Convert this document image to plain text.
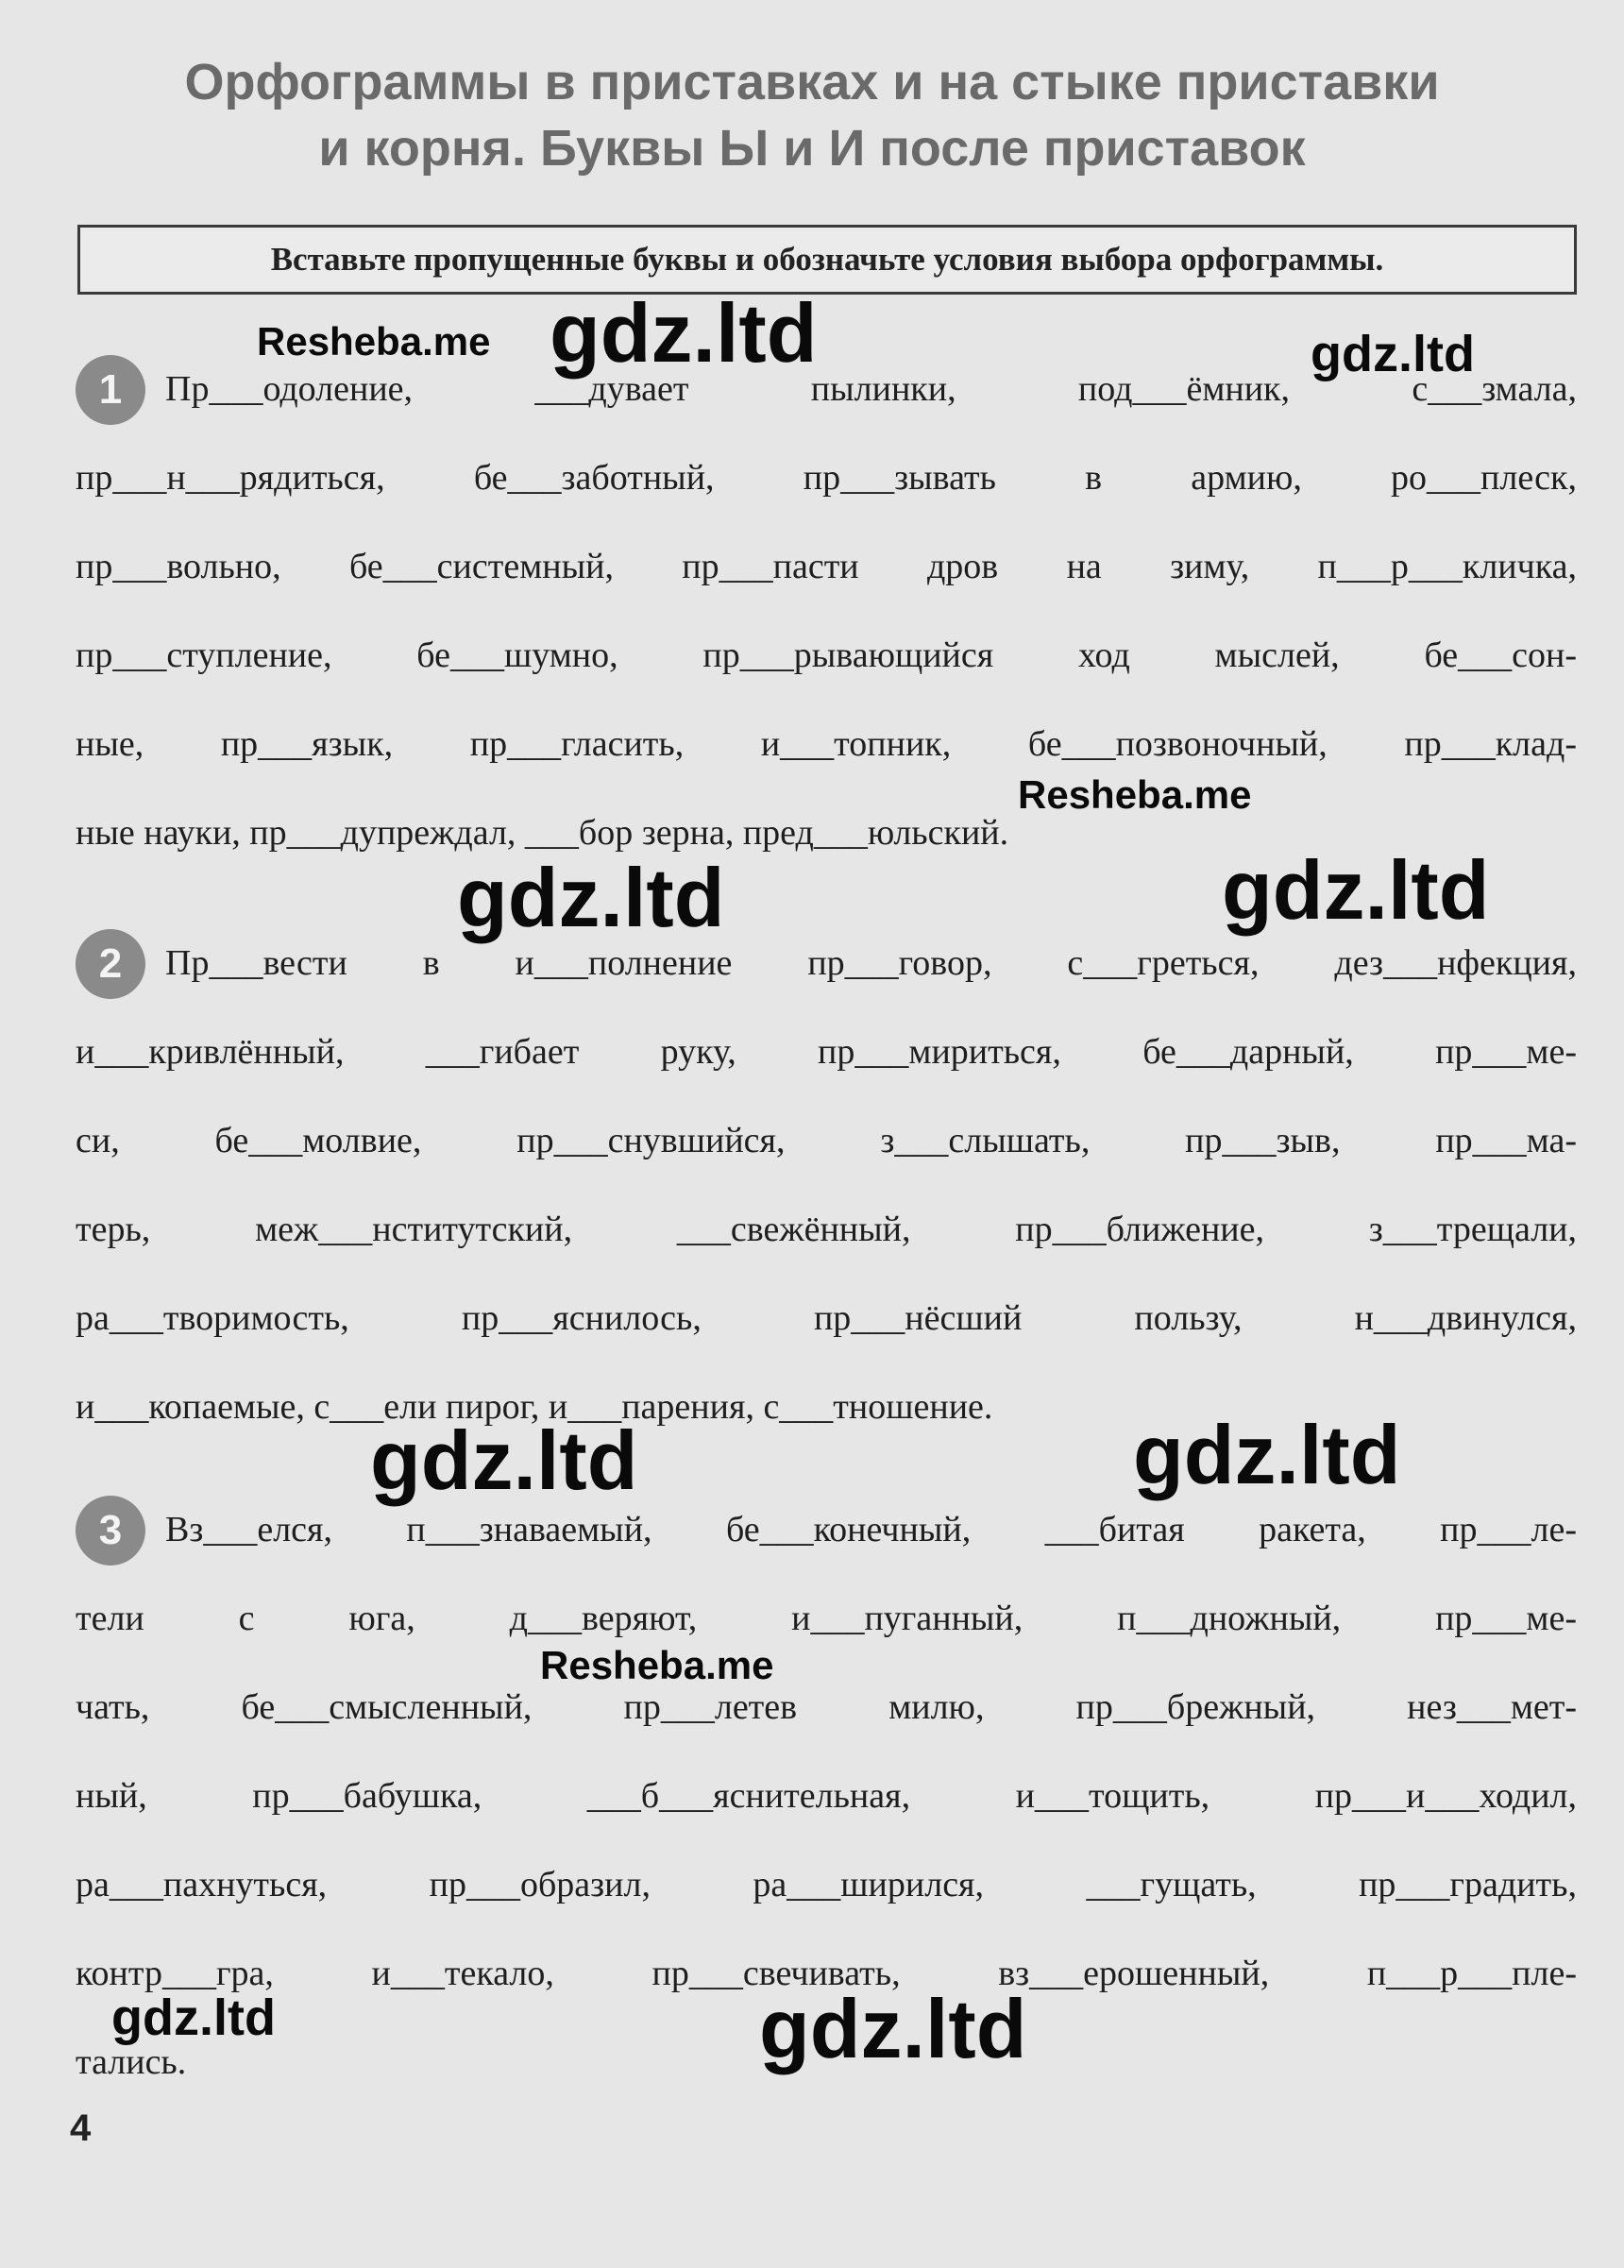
Орфограммы в приставках и на стыке приставки
и корня. Буквы Ы и И после приставок
Вставьте пропущенные буквы и обозначьте условия выбора орфограммы.
1	Пр___одоление, ___дувает пылинки, под___ёмник, с___змала,
пр___н___рядиться, бе___заботный, пр___зывать в армию, ро___плеск,
пр___вольно, бе___системный, пр___пасти дров на зиму, п___р___кличка,
пр___ступление, бе___шумно, пр___рывающийся ход мыслей, бе___сон-
ные, пр___язык, пр___гласить, и___топник, бе___позвоночный, пр___клад-
ные науки, пр___дупреждал, ___бор зерна, пред___юльский.
2	Пр___вести в и___полнение пр___говор, с___греться, дез___нфекция,
и___кривлённый, ___гибает руку, пр___мириться, бе___дарный, пр___ме-
си, бе___молвие, пр___снувшийся, з___слышать, пр___зыв, пр___ма-
терь, меж___нститутский, ___свежённый, пр___ближение, з___трещали,
ра___творимость, пр___яснилось, пр___нёсший пользу, н___двинулся,
и___копаемые, с___ели пирог, и___парения, с___тношение.
3	Вз___елся, п___знаваемый, бе___конечный, ___битая ракета, пр___ле-
тели с юга, д___веряют, и___пуганный, п___дножный, пр___ме-
чать, бе___смысленный, пр___летев милю, пр___брежный, нез___мет-
ный, пр___бабушка, ___б___яснительная, и___тощить, пр___и___ходил,
ра___пахнуться, пр___образил, ра___ширился, ___гущать, пр___градить,
контр___гра, и___текало, пр___свечивать, вз___ерошенный, п___р___пле-
тались.
4
Resheba.me gdz.ltd	gdz.ltd
Resheba.me
gdz.ltd	gdz.ltd
gdz.ltd	gdz.ltd
Resheba.me
gdz.ltd	gdz.ltd
